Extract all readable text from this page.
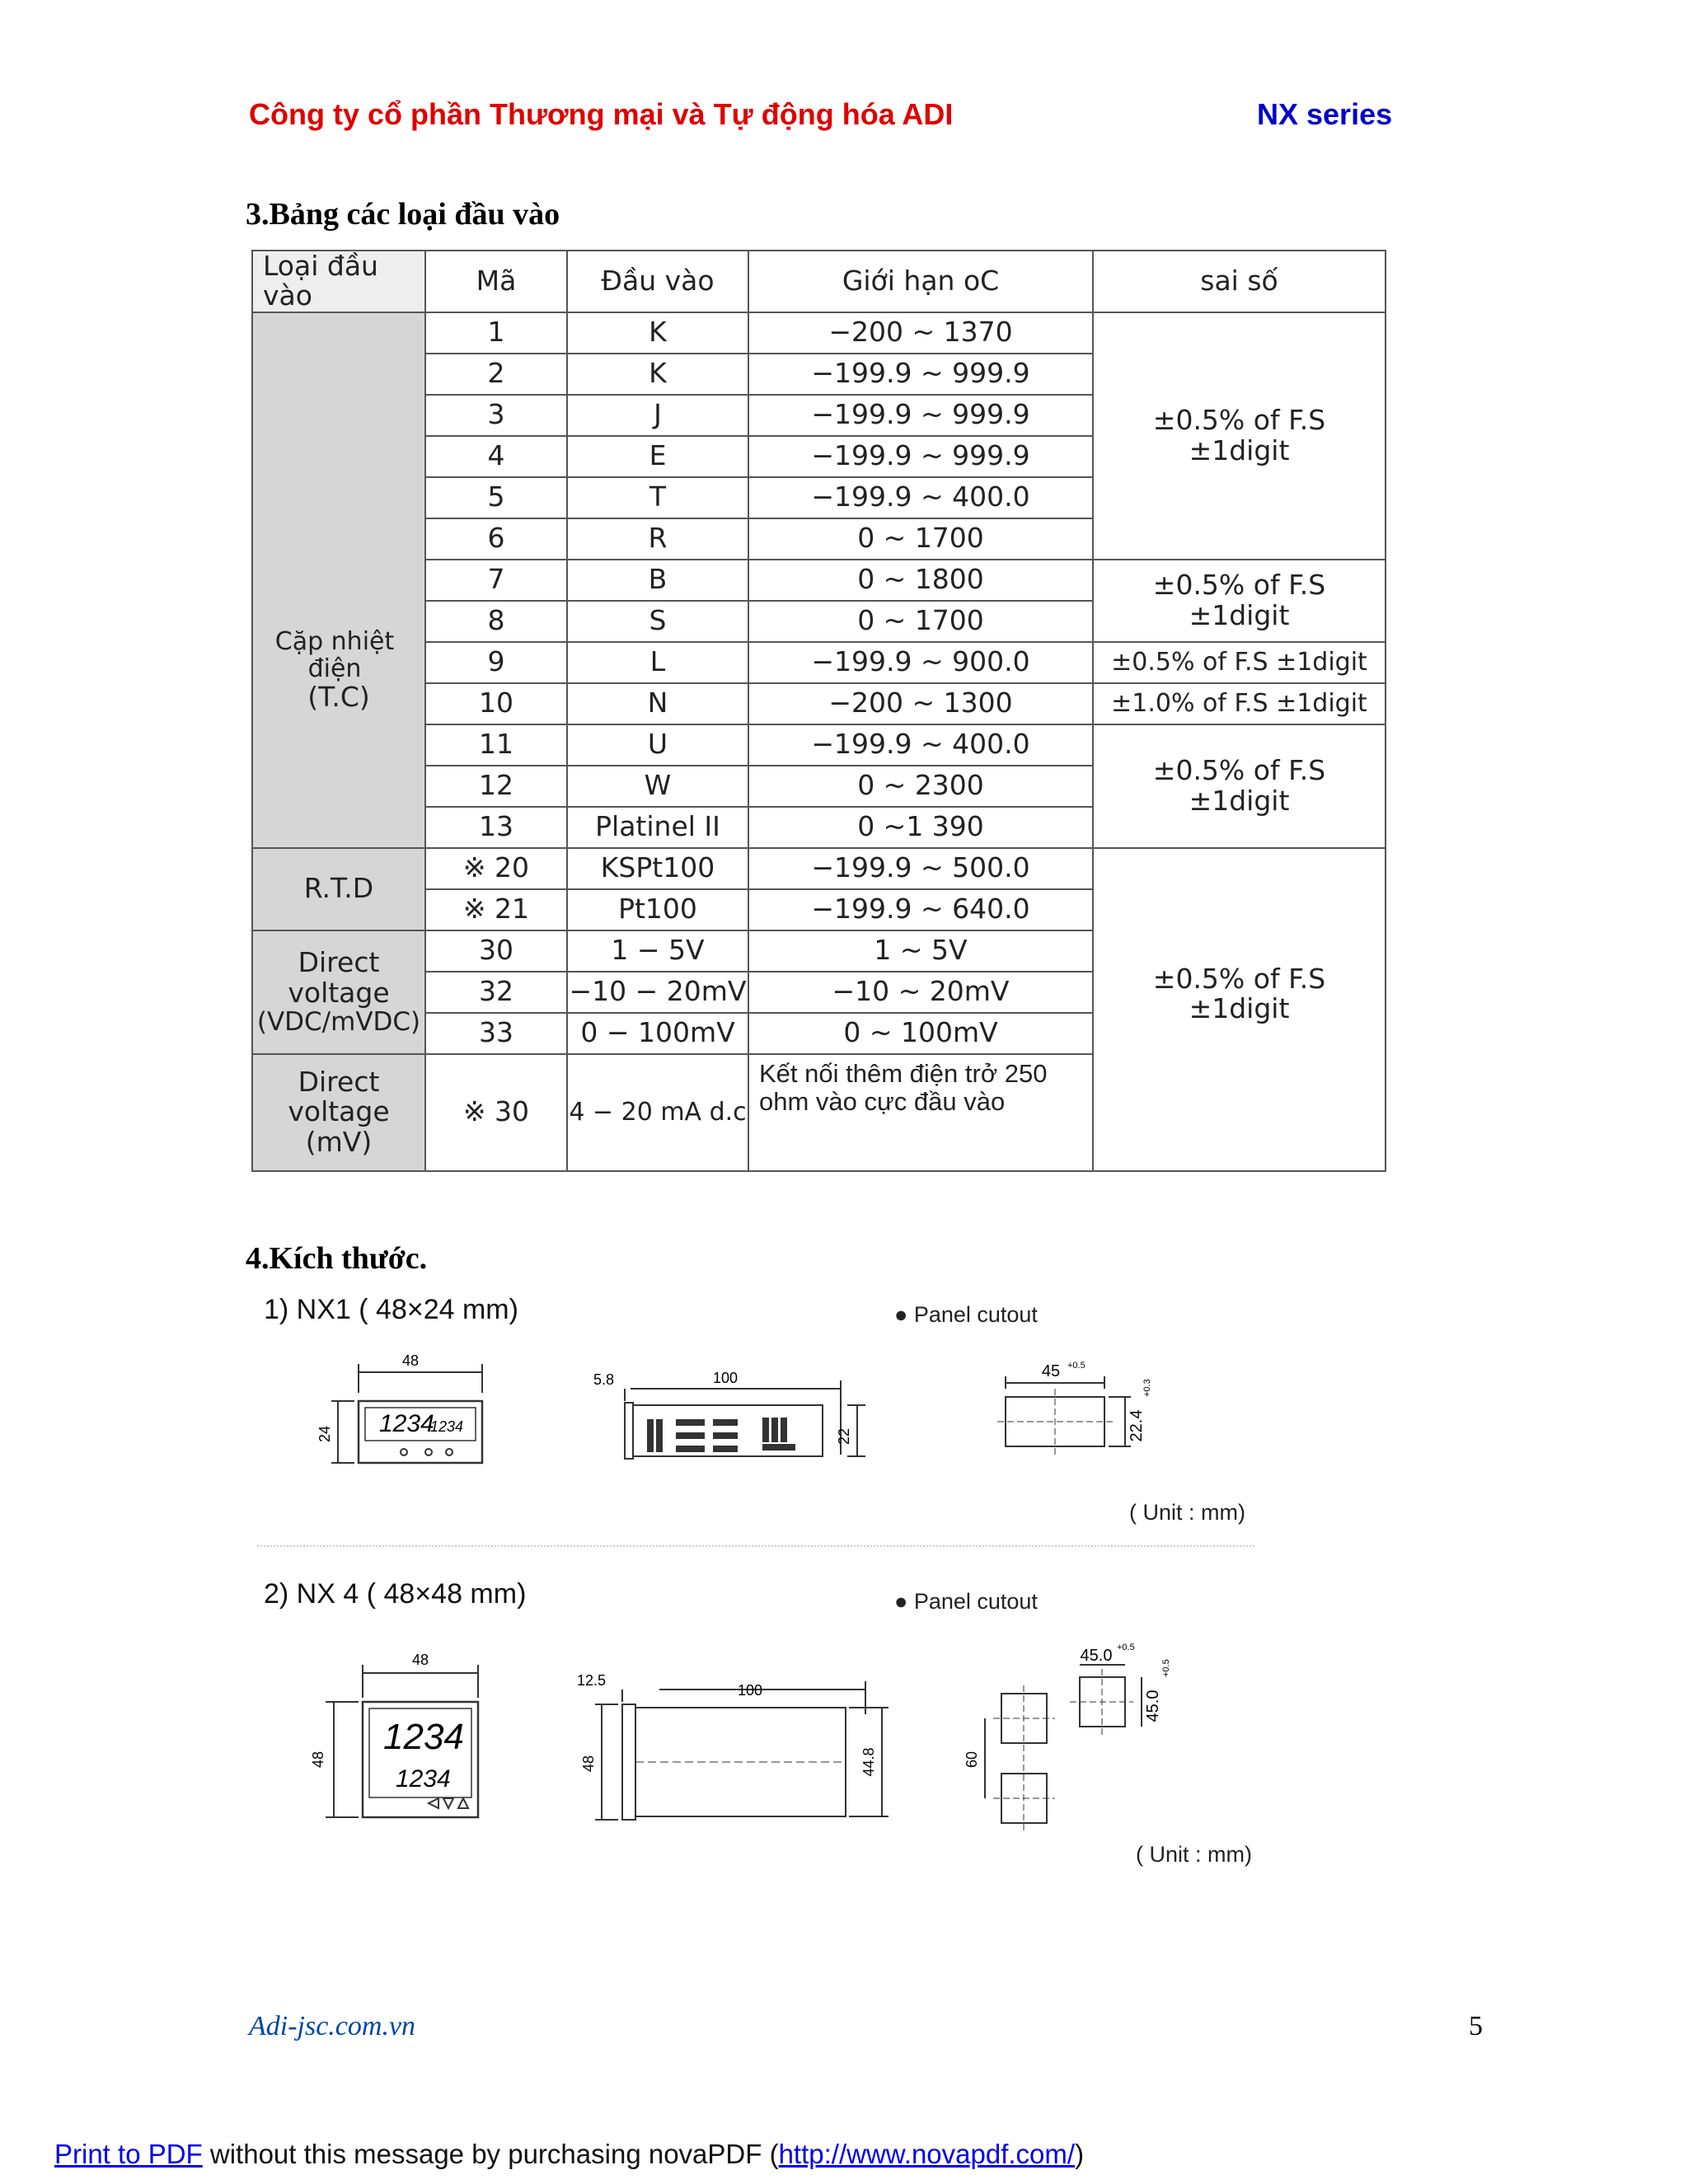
Công ty cổ phần Thương mại và Tự động hóa ADI	NX series
3.Bảng các loại đầu vào
Loại đầu vào	Mã	Đầu vào	Giới hạn oC	sai số

Cặp nhiệt điện
(T.C)	1	K	−200 ~ 1370	±0.5% of F.S
±1digit

	2	K	−199.9 ~ 999.9	
	3	J	−199.9 ~ 999.9	
	4	E	−199.9 ~ 999.9	
	5	T	−199.9 ~ 400.0	
	6	R	0 ~ 1700	
	7	B	0 ~ 1800	±0.5% of F.S
±1digit

	8	S	0 ~ 1700	
	9	L	−199.9 ~ 900.0	±0.5% of F.S ±1digit
	10	N	−200 ~ 1300	±1.0% of F.S ±1digit
	11	U	−199.9 ~ 400.0	±0.5% of F.S
±1digit

	12	W	0 ~ 2300	
	13	Platinel II	0 ~1 390	
R.T.D	※ 20	KSPt100	−199.9 ~ 500.0	±0.5% of F.S
±1digit

	※ 21	Pt100	−199.9 ~ 640.0	

Direct
voltage
(VDC/mVDC)	30	1 − 5V	1 ~ 5V	
	32	−10 − 20mV	−10 ~ 20mV	
	33	0 − 100mV	0 ~ 100mV	

Direct
voltage
(mV)	※ 30	4 − 20 mA d.c	Kết nối thêm điện trở 250 ohm vào cực đầu vào	
4.Kích thước.
1) NX1 ( 48×24 mm)	● Panel cutout
48
24 1234
1234
5.8	100
22
45 +0.5
22.4
+0.3
( Unit : mm)
2) NX 4 ( 48×48 mm)	● Panel cutout
48
48
1234
1234
12.5
100
48	44.8	60
45.0 +0.5
45.0
+0.5
( Unit : mm)
Adi-jsc.com.vn	5
Print to PDF without this message by purchasing novaPDF (http://www.novapdf.com/)
